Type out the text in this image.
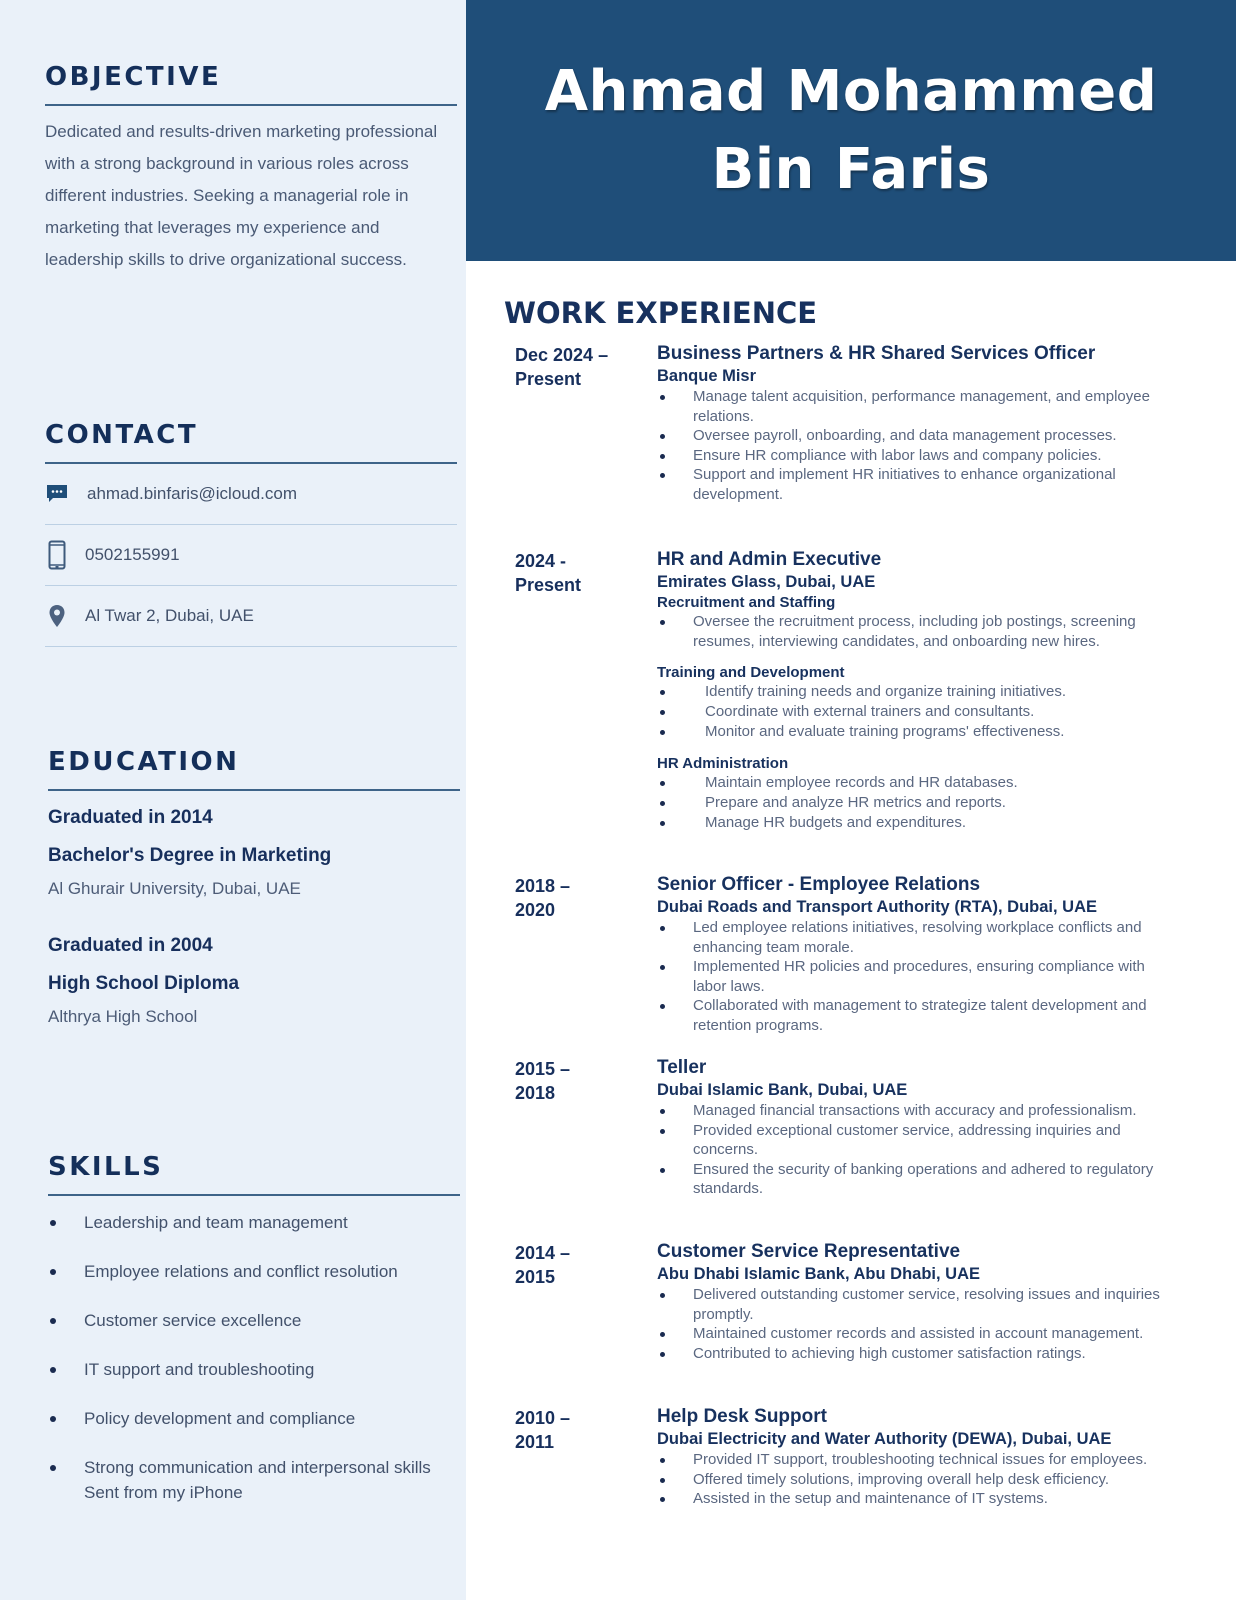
OBJECTIVE

Dedicated and results-driven marketing professional with a strong background in various roles across different industries. Seeking a managerial role in marketing that leverages my experience and leadership skills to drive organizational success.

CONTACT
ahmad.binfaris@icloud.com
0502155991
Al Twar 2, Dubai, UAE
EDUCATION
Graduated in 2014
Bachelor's Degree in Marketing
Al Ghurair University, Dubai, UAE
Graduated in 2004
High School Diploma
Althrya High School
SKILLS
Leadership and team management
Employee relations and conflict resolution
Customer service excellence
IT support and troubleshooting
Policy development and compliance
Strong communication and interpersonal skills Sent from my iPhone
Ahmad Mohammed
Bin Faris
WORK EXPERIENCE
Dec 2024 –
Present
Business Partners & HR Shared Services Officer
Banque Misr
Manage talent acquisition, performance management, and employee relations.
Oversee payroll, onboarding, and data management processes.
Ensure HR compliance with labor laws and company policies.
Support and implement HR initiatives to enhance organizational development.
2024 -
Present
HR and Admin Executive
Emirates Glass, Dubai, UAE
Recruitment and Staffing
Oversee the recruitment process, including job postings, screening resumes, interviewing candidates, and onboarding new hires.
Training and Development
Identify training needs and organize training initiatives.
Coordinate with external trainers and consultants.
Monitor and evaluate training programs' effectiveness.
HR Administration
Maintain employee records and HR databases.
Prepare and analyze HR metrics and reports.
Manage HR budgets and expenditures.
2018 –
2020
Senior Officer - Employee Relations
Dubai Roads and Transport Authority (RTA), Dubai, UAE
Led employee relations initiatives, resolving workplace conflicts and enhancing team morale.
Implemented HR policies and procedures, ensuring compliance with labor laws.
Collaborated with management to strategize talent development and retention programs.
2015 –
2018
Teller
Dubai Islamic Bank, Dubai, UAE
Managed financial transactions with accuracy and professionalism.
Provided exceptional customer service, addressing inquiries and concerns.
Ensured the security of banking operations and adhered to regulatory standards.
2014 –
2015
Customer Service Representative
Abu Dhabi Islamic Bank, Abu Dhabi, UAE
Delivered outstanding customer service, resolving issues and inquiries promptly.
Maintained customer records and assisted in account management.
Contributed to achieving high customer satisfaction ratings.
2010 –
2011
Help Desk Support
Dubai Electricity and Water Authority (DEWA), Dubai, UAE
Provided IT support, troubleshooting technical issues for employees.
Offered timely solutions, improving overall help desk efficiency.
Assisted in the setup and maintenance of IT systems.
